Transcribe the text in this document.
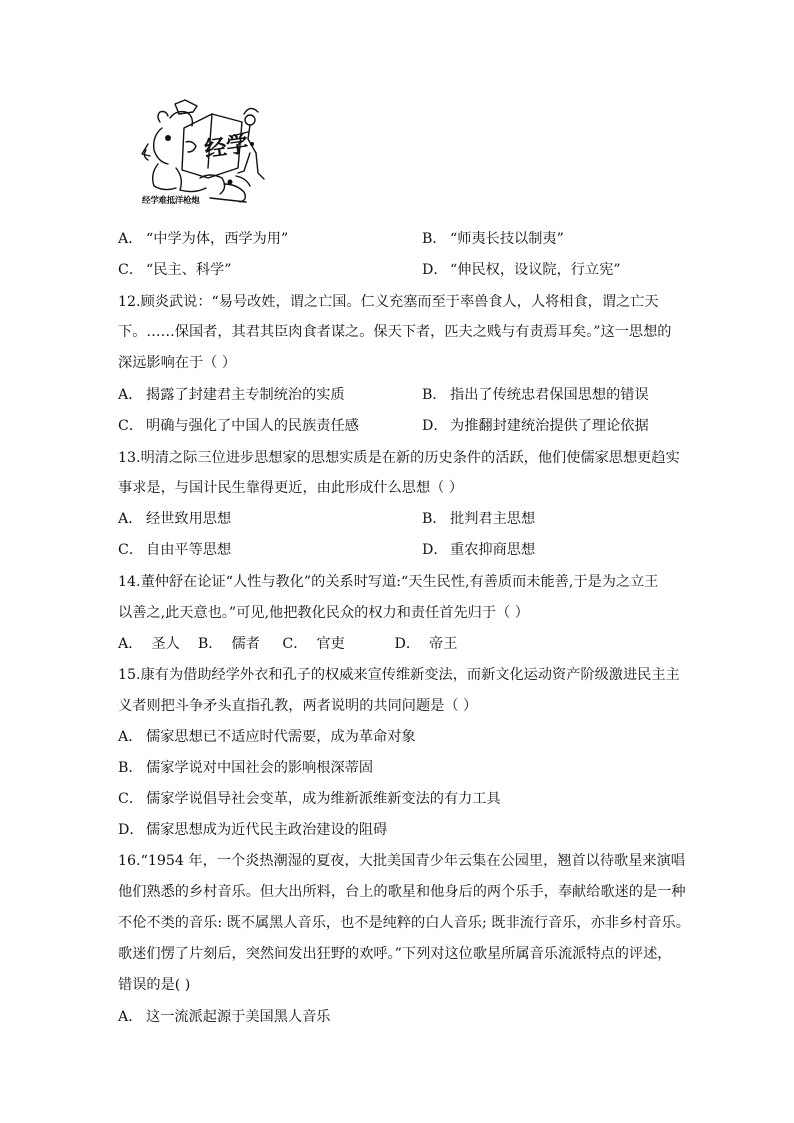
经学
经学难抵洋枪炮
A． “中学为体，西学为用”	B． “师夷长技以制夷”
C． “民主、科学”	D． “伸民权，设议院，行立宪”
12.顾炎武说：“易号改姓，谓之亡国。仁义充塞而至于率兽食人，人将相食，谓之亡天
下。……保国者，其君其臣肉食者谋之。保天下者，匹夫之贱与有责焉耳矣。”这一思想的
深远影响在于（ ）
A． 揭露了封建君主专制统治的实质	B． 指出了传统忠君保国思想的错误
C． 明确与强化了中国人的民族责任感	D． 为推翻封建统治提供了理论依据
13.明清之际三位进步思想家的思想实质是在新的历史条件的活跃，他们使儒家思想更趋实
事求是，与国计民生靠得更近，由此形成什么思想（ ）
A． 经世致用思想	B． 批判君主思想
C． 自由平等思想	D． 重农抑商思想
14.董仲舒在论证“人性与教化”的关系时写道:“天生民性,有善质而未能善,于是为之立王
以善之,此天意也。”可见,他把教化民众的权力和责任首先归于（ ）
A．  圣人    B．  儒者     C．  官吏           D．  帝王
15.康有为借助经学外衣和孔子的权威来宣传维新变法，而新文化运动资产阶级激进民主主
义者则把斗争矛头直指孔教，两者说明的共同问题是（ ）
A． 儒家思想已不适应时代需要，成为革命对象
B． 儒家学说对中国社会的影响根深蒂固
C． 儒家学说倡导社会变革，成为维新派维新变法的有力工具
D． 儒家思想成为近代民主政治建设的阻碍
16.“1954 年，一个炎热潮湿的夏夜，大批美国青少年云集在公园里，翘首以待歌星来演唱
他们熟悉的乡村音乐。但大出所料，台上的歌星和他身后的两个乐手，奉献给歌迷的是一种
不伦不类的音乐: 既不属黑人音乐，也不是纯粹的白人音乐; 既非流行音乐，亦非乡村音乐。
歌迷们愣了片刻后，突然间发出狂野的欢呼。”下列对这位歌星所属音乐流派特点的评述，
错误的是( )
A． 这一流派起源于美国黑人音乐
